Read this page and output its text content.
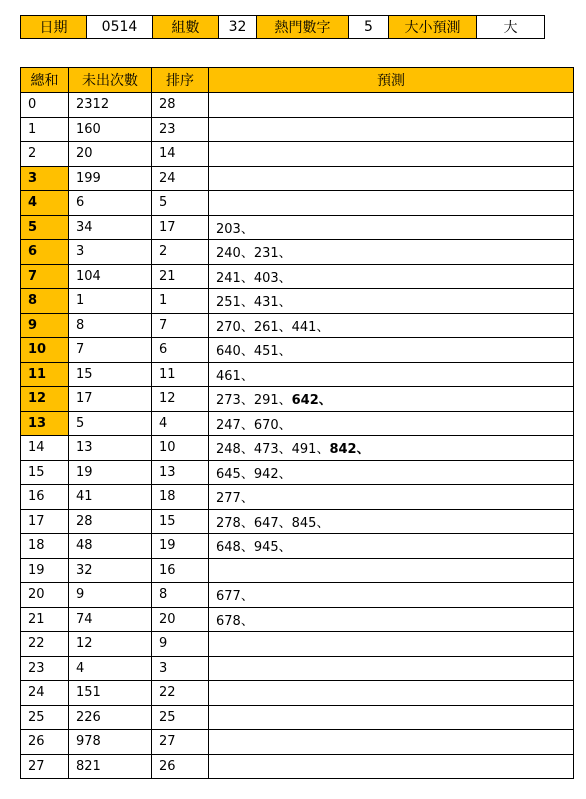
日期	0514	組數	32	熱門數字	5	大小預測	大
總和	未出次數	排序	預測
0	2312	28	
1	160	23	
2	20	14	
3	199	24	
4	6	5	
5	34	17	203、
6	3	2	240、231、
7	104	21	241、403、
8	1	1	251、431、
9	8	7	270、261、441、
10	7	6	640、451、
11	15	11	461、
12	17	12	273、291、642、
13	5	4	247、670、
14	13	10	248、473、491、842、
15	19	13	645、942、
16	41	18	277、
17	28	15	278、647、845、
18	48	19	648、945、
19	32	16	
20	9	8	677、
21	74	20	678、
22	12	9	
23	4	3	
24	151	22	
25	226	25	
26	978	27	
27	821	26	
